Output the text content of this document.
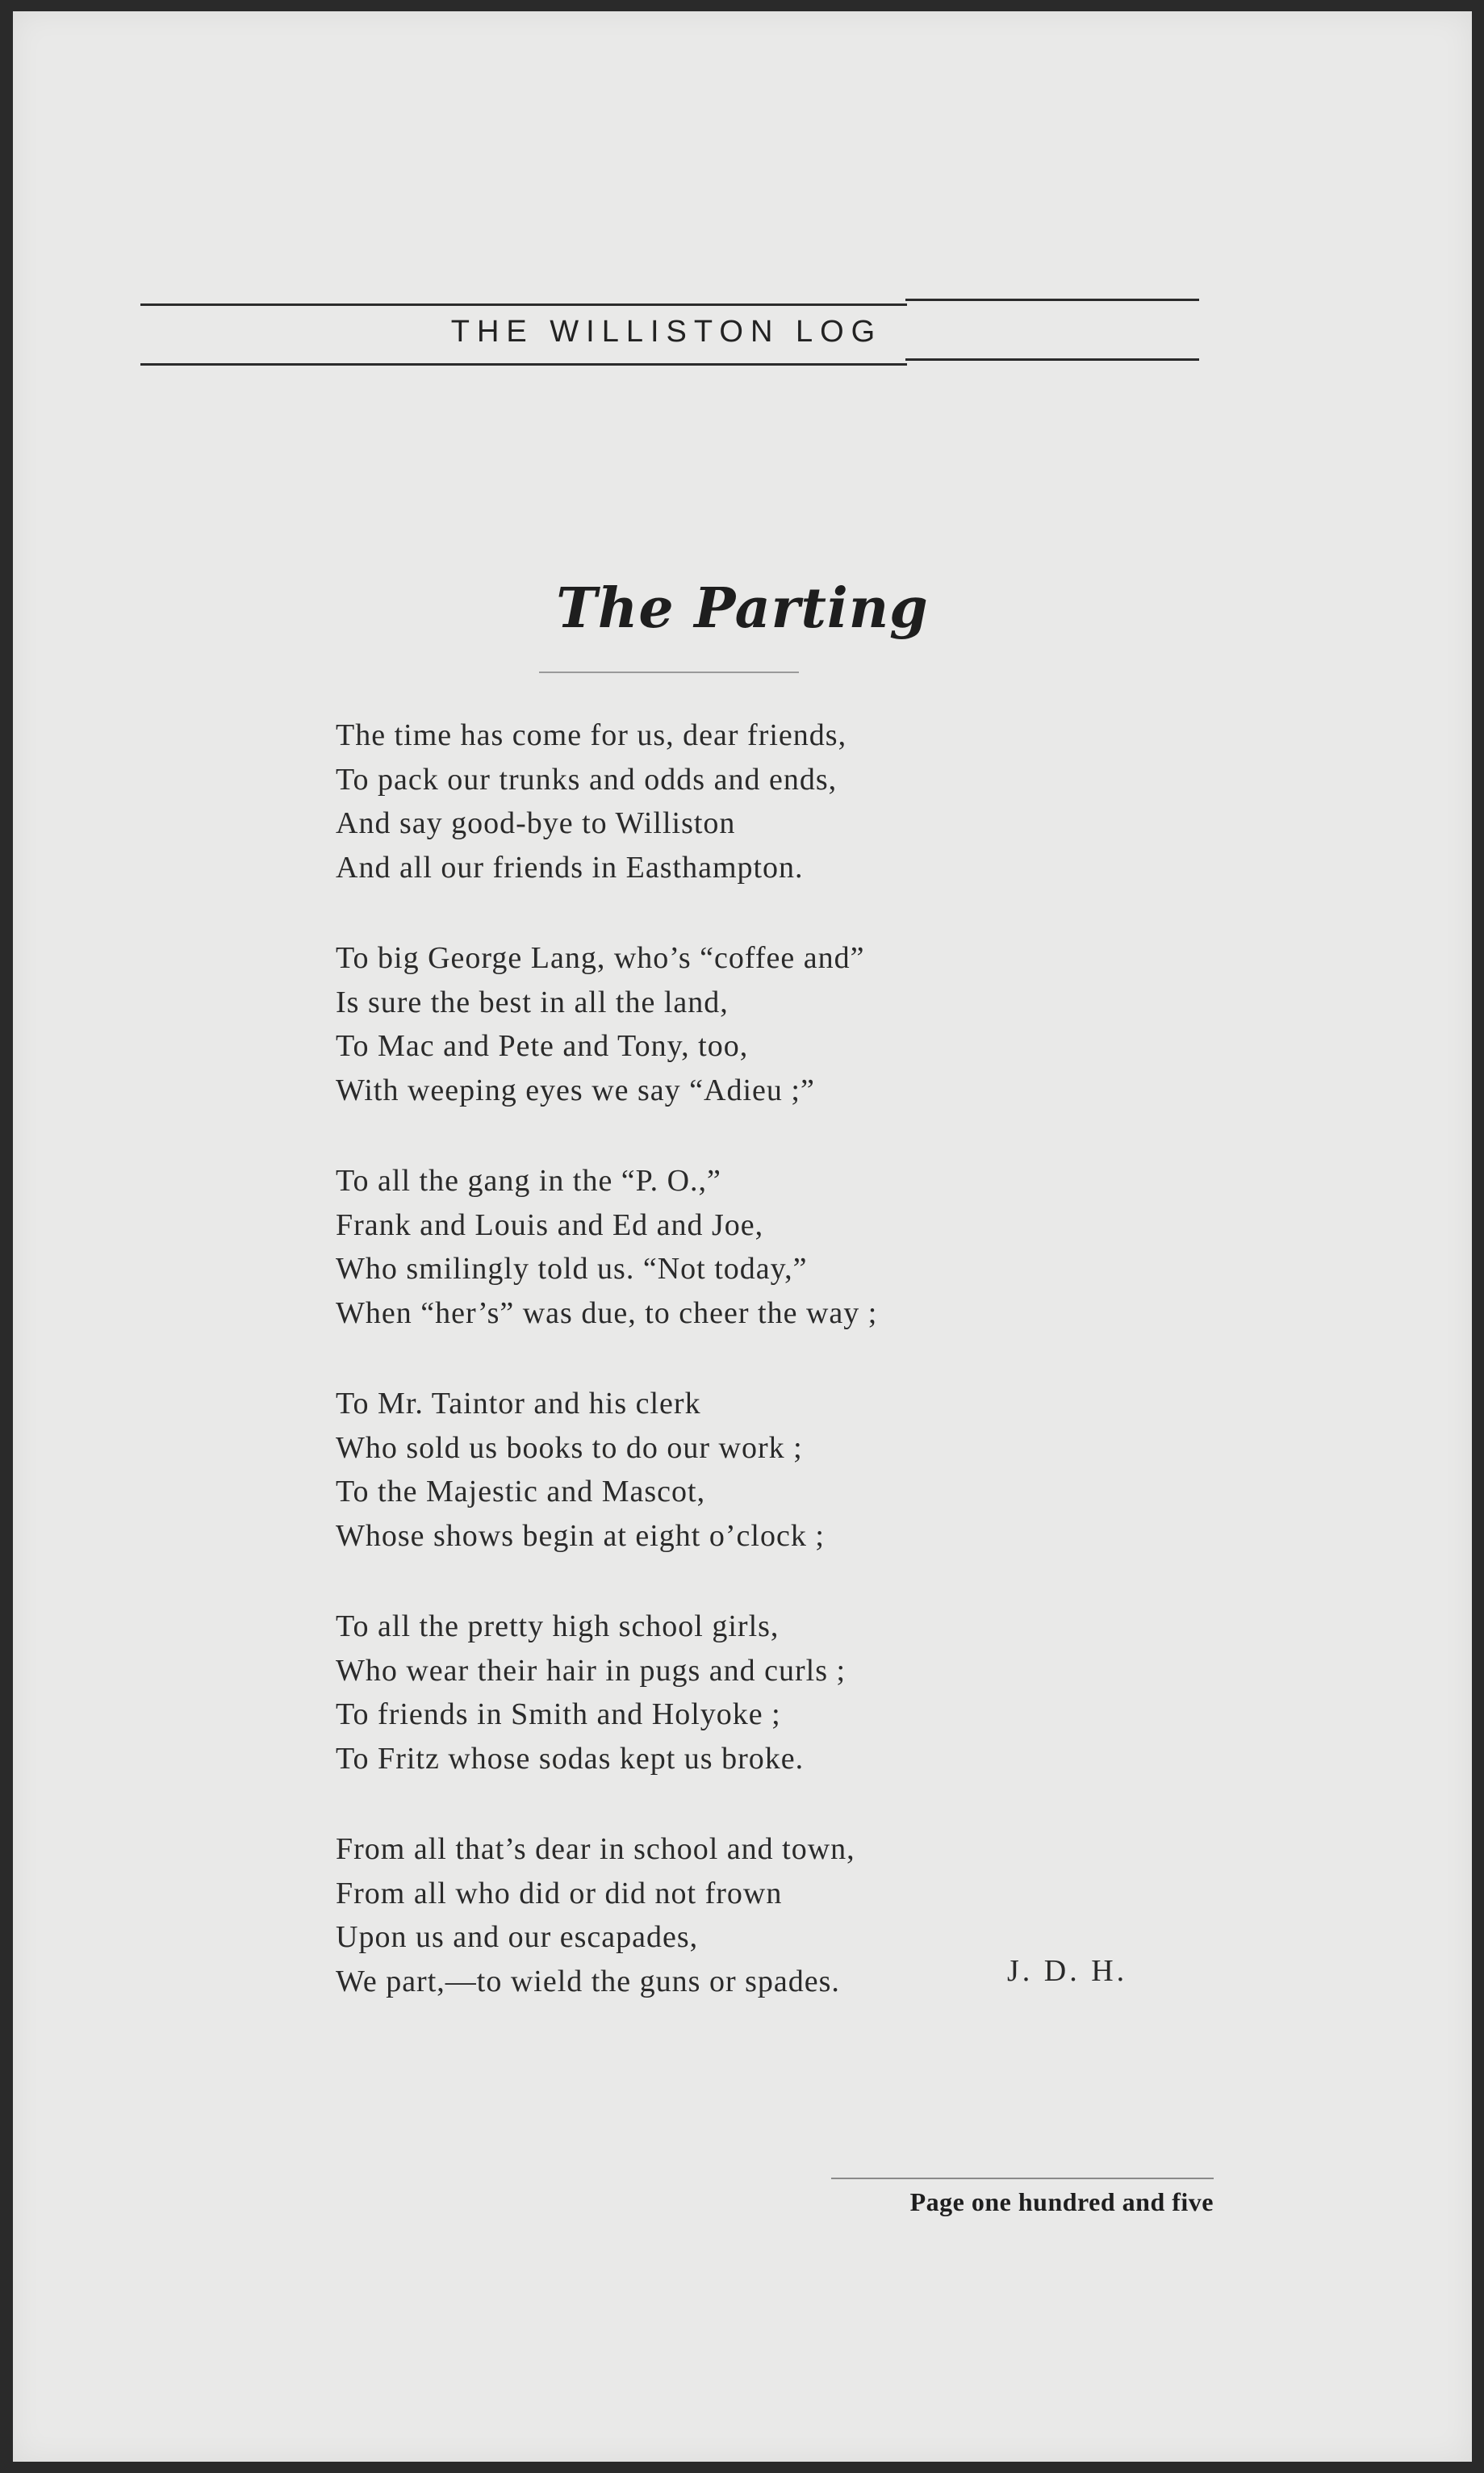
THE WILLISTON LOG
The Parting
The time has come for us, dear friends,
To pack our trunks and odds and ends,
And say good-bye to Williston
And all our friends in Easthampton.
To big George Lang, who’s “coffee and”
Is sure the best in all the land,
To Mac and Pete and Tony, too,
With weeping eyes we say “Adieu ;”
To all the gang in the “P. O.,”
Frank and Louis and Ed and Joe,
Who smilingly told us. “Not today,”
When “her’s” was due, to cheer the way ;
To Mr. Taintor and his clerk
Who sold us books to do our work ;
To the Majestic and Mascot,
Whose shows begin at eight o’clock ;
To all the pretty high school girls,
Who wear their hair in pugs and curls ;
To friends in Smith and Holyoke ;
To Fritz whose sodas kept us broke.
From all that’s dear in school and town,
From all who did or did not frown
Upon us and our escapades,
We part,—to wield the guns or spades.	J. D. H.
Page one hundred and five
